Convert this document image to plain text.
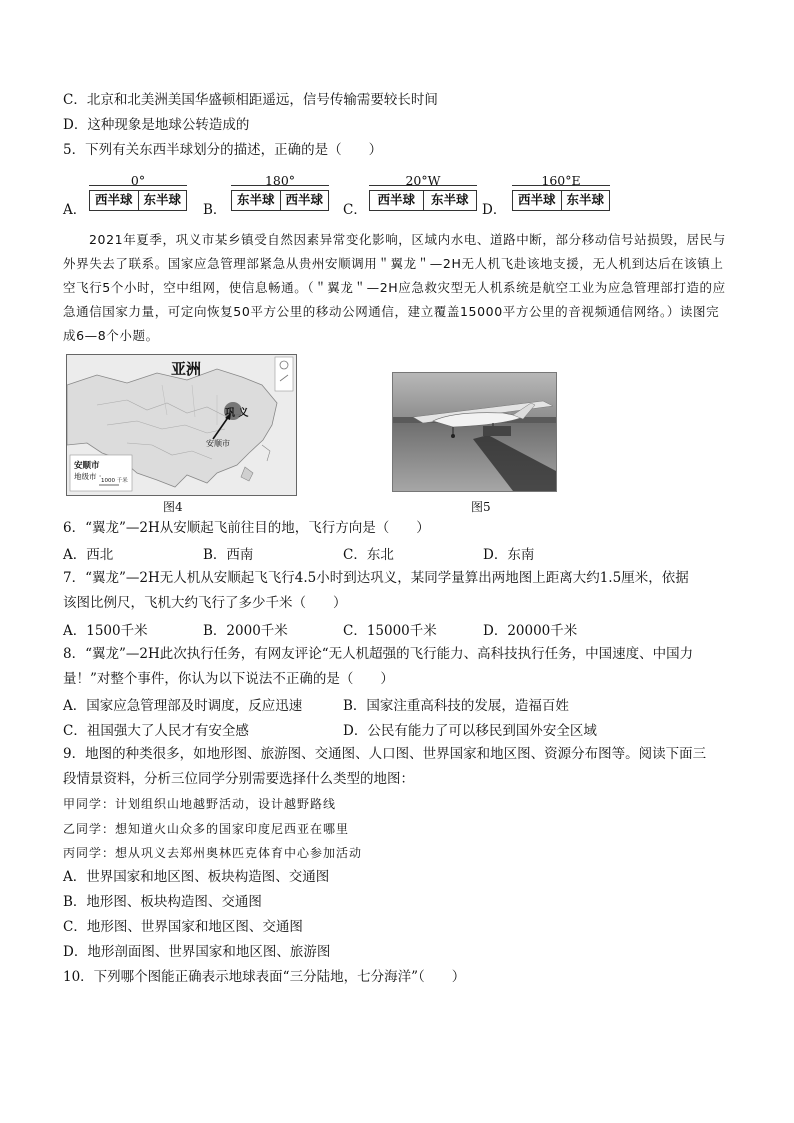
C．北京和北美洲美国华盛顿相距遥远，信号传输需要较长时间
D．这种现象是地球公转造成的
5．下列有关东西半球划分的描述，正确的是（　　）
A．
0°
西半球 东半球
B．
180°
东半球 西半球
C．
20°W
西半球	东半球
D．
160°E
西半球 东半球
2021年夏季，巩义市某乡镇受自然因素异常变化影响，区域内水电、道路中断，部分移动信号站损毁，居民与外界失去了联系。国家应急管理部紧急从贵州安顺调用＂翼龙＂—2H无人机飞赴该地支援，无人机到达后在该镇上空飞行5个小时，空中组网，使信息畅通。（＂翼龙＂—2H应急救灾型无人机系统是航空工业为应急管理部打造的应急通信国家力量，可定向恢复50平方公里的移动公网通信，建立覆盖15000平方公里的音视频通信网络。）读图完成6—8个小题。
亚洲
巩 义
安顺市
安顺市
地级市 · 1000 千米
图4	图5
6．“翼龙”—2H从安顺起飞前往目的地，飞行方向是（　　）
A．西北	B．西南	C．东北	D．东南
7．“翼龙”—2H无人机从安顺起飞飞行4.5小时到达巩义，某同学量算出两地图上距离大约1.5厘米，依据
该图比例尺，飞机大约飞行了多少千米（　　）
A．1500千米	B．2000千米	C．15000千米	D．20000千米
8．“翼龙”—2H此次执行任务，有网友评论“无人机超强的飞行能力、高科技执行任务，中国速度、中国力
量！”对整个事件，你认为以下说法不正确的是（　　）
A．国家应急管理部及时调度，反应迅速	B．国家注重高科技的发展，造福百姓
C．祖国强大了人民才有安全感	D．公民有能力了可以移民到国外安全区域
9．地图的种类很多，如地形图、旅游图、交通图、人口图、世界国家和地区图、资源分布图等。阅读下面三
段情景资料，分析三位同学分别需要选择什么类型的地图：
甲同学：计划组织山地越野活动，设计越野路线
乙同学：想知道火山众多的国家印度尼西亚在哪里
丙同学：想从巩义去郑州奥林匹克体育中心参加活动
A．世界国家和地区图、板块构造图、交通图
B．地形图、板块构造图、交通图
C．地形图、世界国家和地区图、交通图
D．地形剖面图、世界国家和地区图、旅游图
10．下列哪个图能正确表示地球表面“三分陆地，七分海洋”（　　）
